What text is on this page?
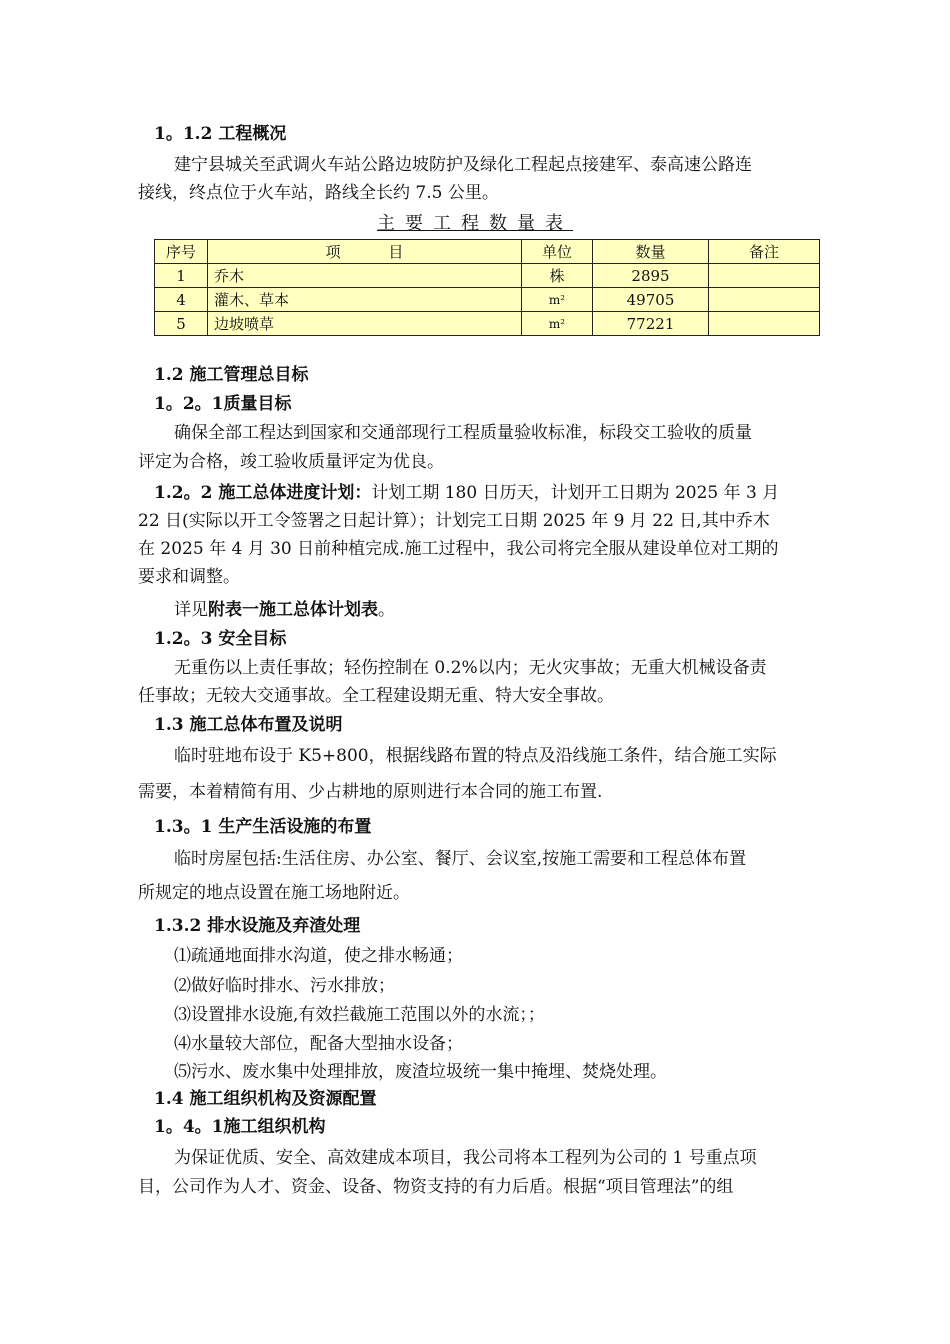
1。1.2 工程概况
建宁县城关至武调火车站公路边坡防护及绿化工程起点接建军、泰高速公路连
接线，终点位于火车站，路线全长约 7.5 公里。
主要工程数量表
序号	项          目	单位	数量	备注
1	乔木	株	2895	
4	灌木、草本	m²	49705	
5	边坡喷草	m²	77221	
1.2 施工管理总目标
1。2。1质量目标
确保全部工程达到国家和交通部现行工程质量验收标准，标段交工验收的质量
评定为合格，竣工验收质量评定为优良。
1.2。2 施工总体进度计划：计划工期 180 日历天，计划开工日期为 2025 年 3 月
22 日(实际以开工令签署之日起计算）；计划完工日期 2025 年 9 月 22 日,其中乔木
在 2025 年 4 月 30 日前种植完成.施工过程中，我公司将完全服从建设单位对工期的
要求和调整。
详见附表一施工总体计划表。
1.2。3 安全目标
无重伤以上责任事故；轻伤控制在 0.2%以内；无火灾事故；无重大机械设备责
任事故；无较大交通事故。全工程建设期无重、特大安全事故。
1.3 施工总体布置及说明
临时驻地布设于 K5+800，根据线路布置的特点及沿线施工条件，结合施工实际
需要，本着精简有用、少占耕地的原则进行本合同的施工布置.
1.3。1 生产生活设施的布置
临时房屋包括:生活住房、办公室、餐厅、会议室,按施工需要和工程总体布置
所规定的地点设置在施工场地附近。
1.3.2 排水设施及弃渣处理
⑴疏通地面排水沟道，使之排水畅通；
⑵做好临时排水、污水排放；
⑶设置排水设施,有效拦截施工范围以外的水流；；
⑷水量较大部位，配备大型抽水设备；
⑸污水、废水集中处理排放，废渣垃圾统一集中掩埋、焚烧处理。
1.4 施工组织机构及资源配置
1。4。1施工组织机构
为保证优质、安全、高效建成本项目，我公司将本工程列为公司的 1 号重点项
目，公司作为人才、资金、设备、物资支持的有力后盾。根据“项目管理法”的组
